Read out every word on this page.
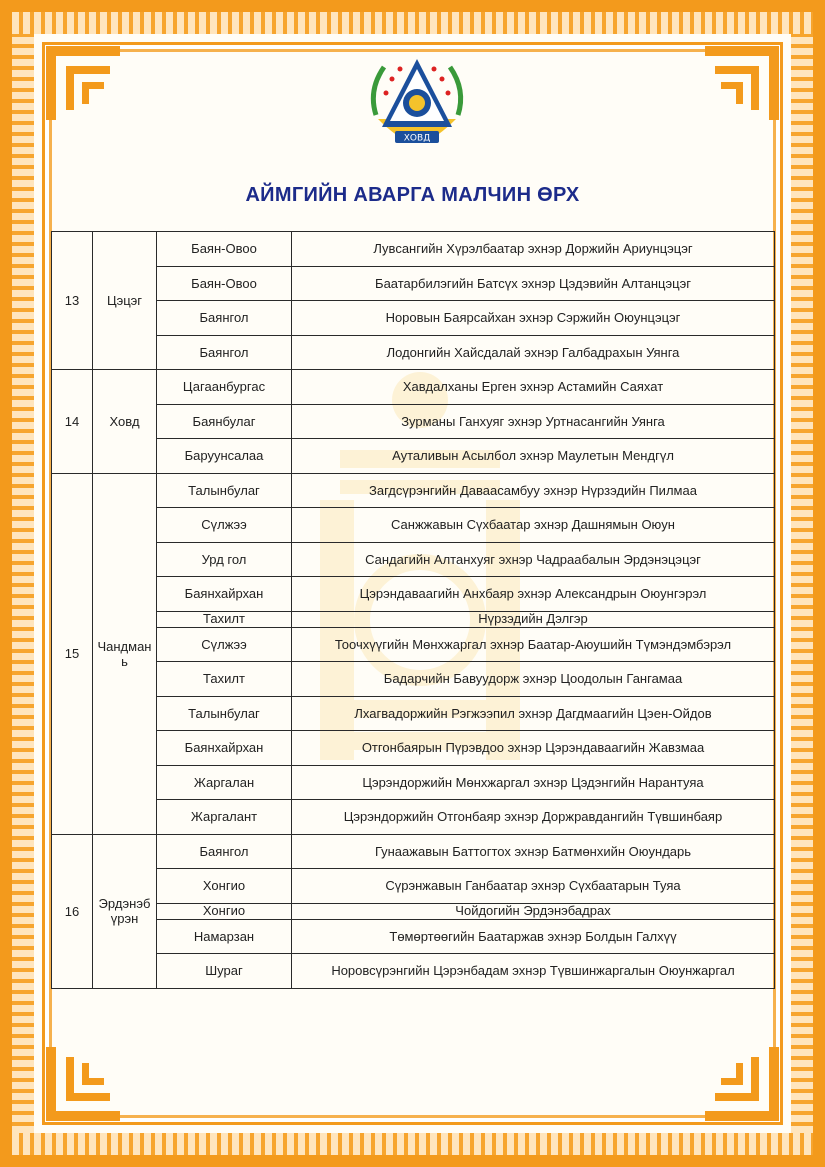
ХОВД
АЙМГИЙН АВАРГА МАЛЧИН ӨРХ
13	Цэцэг	Баян-Овоо	Лувсангийн Хүрэлбаатар эхнэр Доржийн Ариунцэцэг
		Баян-Овоо	Баатарбилэгийн Батсүх эхнэр Цэдэвийн Алтанцэцэг
		Баянгол	Норовын Баярсайхан эхнэр Сэржийн Оюунцэцэг
		Баянгол	Лодонгийн Хайсдалай эхнэр Галбадрахын Уянга
14	Ховд	Цагаанбургас	Хавдалханы Ерген эхнэр Астамийн Саяхат
		Баянбулаг	Зурманы Ганхуяг эхнэр Уртнасангийн Уянга
		Баруунсалаа	Ауталивын Асылбол эхнэр Маулетын Мендгүл
15	Чандмань	Талынбулаг	Загдсүрэнгийн Даваасамбуу эхнэр Нүрзэдийн Пилмаа
		Сүлжээ	Санжжавын Сүхбаатар эхнэр Дашнямын Оюун
		Урд гол	Сандагийн Алтанхуяг эхнэр Чадраабалын Эрдэнэцэцэг
		Баянхайрхан	Цэрэндаваагийн Анхбаяр эхнэр Александрын Оюунгэрэл
		Тахилт	Нүрзэдийн Дэлгэр
		Сүлжээ	Тоочхүүгийн Мөнхжаргал эхнэр Баатар-Аюушийн Түмэндэмбэрэл
		Тахилт	Бадарчийн Бавуудорж эхнэр Цоодолын Гангамаа
		Талынбулаг	Лхагвадоржийн Рэгжээпил эхнэр Дагдмаагийн Цэен-Ойдов
		Баянхайрхан	Отгонбаярын Пүрэвдоо эхнэр Цэрэндаваагийн Жавзмаа
		Жаргалан	Цэрэндоржийн Мөнхжаргал эхнэр Цэдэнгийн Нарантуяа
		Жаргалант	Цэрэндоржийн Отгонбаяр эхнэр Доржравдангийн Түвшинбаяр
16	Эрдэнэбүрэн	Баянгол	Гунаажавын Баттогтох эхнэр Батмөнхийн Оюундарь
		Хонгио	Сүрэнжавын Ганбаатар эхнэр Сүхбаатарын Туяа
		Хонгио	Чойдогийн Эрдэнэбадрах
		Намарзан	Төмөртөөгийн Баатаржав эхнэр Болдын Галхүү
		Шураг	Норовсүрэнгийн Цэрэнбадам эхнэр Түвшинжаргалын Оюунжаргал
